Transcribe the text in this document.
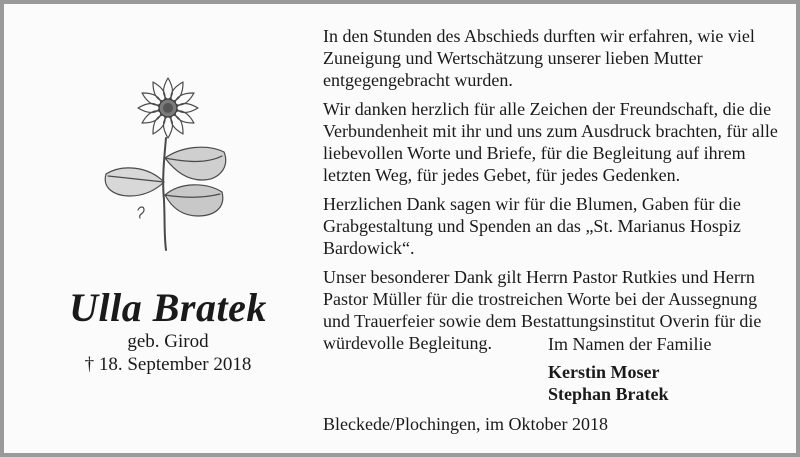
Ulla Bratek
geb. Girod
† 18. September 2018

In den Stunden des Abschieds durften wir erfahren, wie viel Zuneigung und Wertschätzung unserer lieben Mutter entgegengebracht wurden.

Wir danken herzlich für alle Zeichen der Freundschaft, die die Verbundenheit mit ihr und uns zum Ausdruck brachten, für alle liebevollen Worte und Briefe, für die Begleitung auf ihrem letzten Weg, für jedes Gebet, für jedes Gedenken.

Herzlichen Dank sagen wir für die Blumen, Gaben für die Grabgestaltung und Spenden an das „St. Marianus Hospiz Bardowick“.

Unser besonderer Dank gilt Herrn Pastor Rutkies und Herrn Pastor Müller für die trostreichen Worte bei der Aussegnung und Trauerfeier sowie dem Bestattungsinstitut Overin für die würdevolle Begleitung.	Im Namen der Familie
Kerstin Moser
Stephan Bratek
Bleckede/Plochingen, im Oktober 2018
